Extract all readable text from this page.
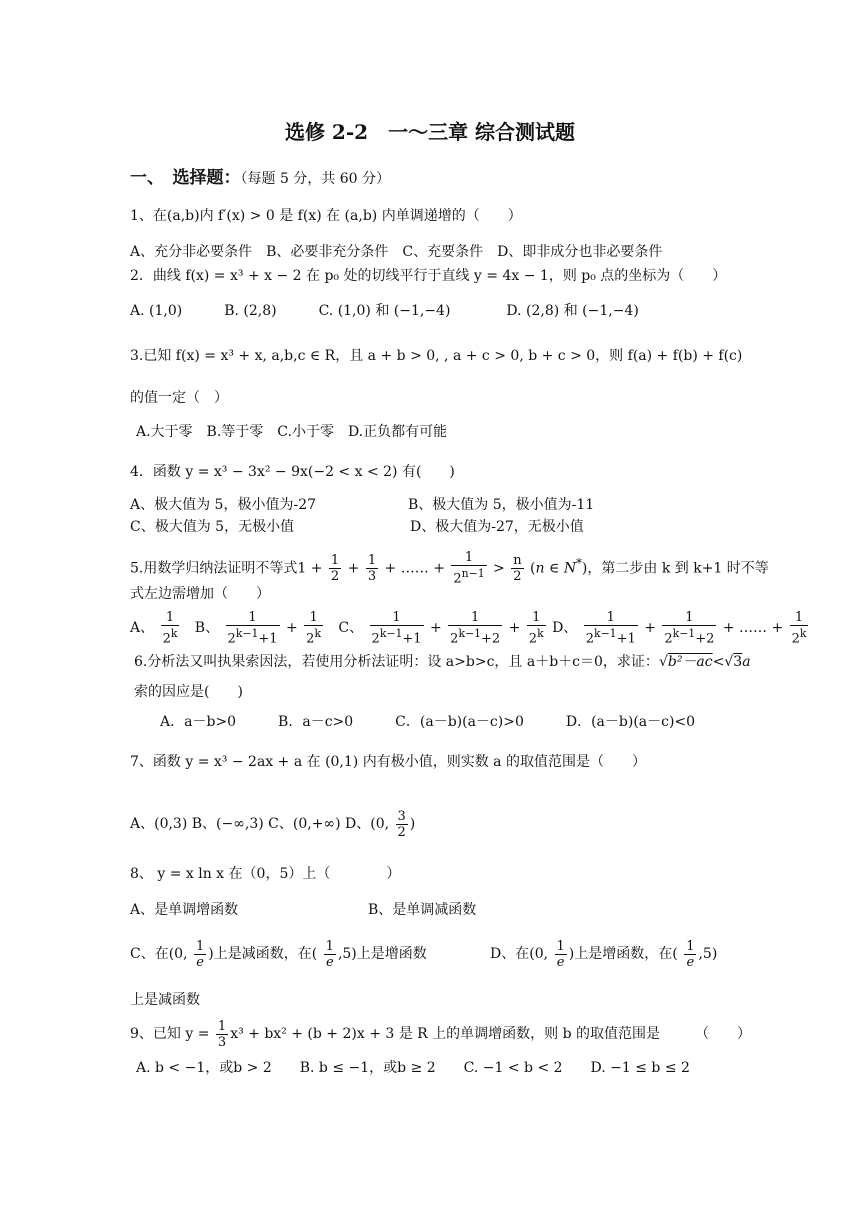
选修 2-2　一～三章 综合测试题
一、　选择题：（每题 5 分，共 60 分）
1、在(a,b)内 f′(x) > 0 是 f(x) 在 (a,b) 内单调递增的（　　）
A、充分非必要条件　B、必要非充分条件　C、充要条件　D、即非成分也非必要条件
2．曲线 f(x) = x³ + x − 2 在 p₀ 处的切线平行于直线 y = 4x − 1，则 p₀ 点的坐标为（　　）
A. (1,0)　　　B. (2,8)　　　C. (1,0) 和 (−1,−4)　　　　D. (2,8) 和 (−1,−4)
3.已知 f(x) = x³ + x, a,b,c ∈ R，且 a + b > 0, , a + c > 0, b + c > 0，则 f(a) + f(b) + f(c)
的值一定（　）
A.大于零　B.等于零　C.小于零　D.正负都有可能
4．函数 y = x³ − 3x² − 9x(−2 < x < 2) 有(　　)
A、极大值为 5，极小值为-27	B、极大值为 5，极小值为-11
C、极大值为 5，无极小值	D、极大值为-27，无极小值
5.用数学归纳法证明不等式$1 + \frac{1}{2} + \frac{1}{3}$ + …… + $\frac{1}{2^{n-1}} > \frac{n}{2} (n$ ∈ N*)，第二步由 k 到 k+1 时不等
式左边需增加（　　）
A、 $\frac{1}{2^k}$ B、 $\frac{1}{2^{k-1}+1} + \frac{1}{2^k}$ C、 $\frac{1}{2^{k-1}+1} + \frac{1}{2^{k-1}+2} + \frac{1}{2^k}$ D、 $\frac{1}{2^{k-1}+1} + \frac{1}{2^{k-1}+2}$ + …… + $\frac{1}{2^k}$
6.分析法又叫执果索因法，若使用分析法证明：设 a>b>c，且 a＋b＋c＝0，求证：√b²－ac<√3a
索的因应是(　　)
A．a－b>0　　　B．a－c>0　　　C．(a－b)(a－c)>0　　　D．(a－b)(a－c)<0
7、函数 y = x³ − 2ax + a 在 (0,1) 内有极小值，则实数 a 的取值范围是（　　）
A、(0,3) B、(−∞,3) C、(0,+∞) D、(0, $\frac{3}{2}$ )
8、 y = x ln x 在（0，5）上（　　　　）
A、是单调增函数	B、是单调减函数
C、在(0, $\frac{1}{e}$ )上是减函数，在( $\frac{1}{e} ,5$)上是增函数	D、在(0, $\frac{1}{e}$ )上是增函数，在( $\frac{1}{e} ,5$)
上是减函数
9、已知 $y = \frac{1}{3} x^3 + bx^2 + (b + 2)x + 3$ 是 R 上的单调增函数，则 b 的取值范围是　　　（　　）
A. b < −1，或b > 2　　B. b ≤ −1，或b ≥ 2　　C. −1 < b < 2　　D. −1 ≤ b ≤ 2
